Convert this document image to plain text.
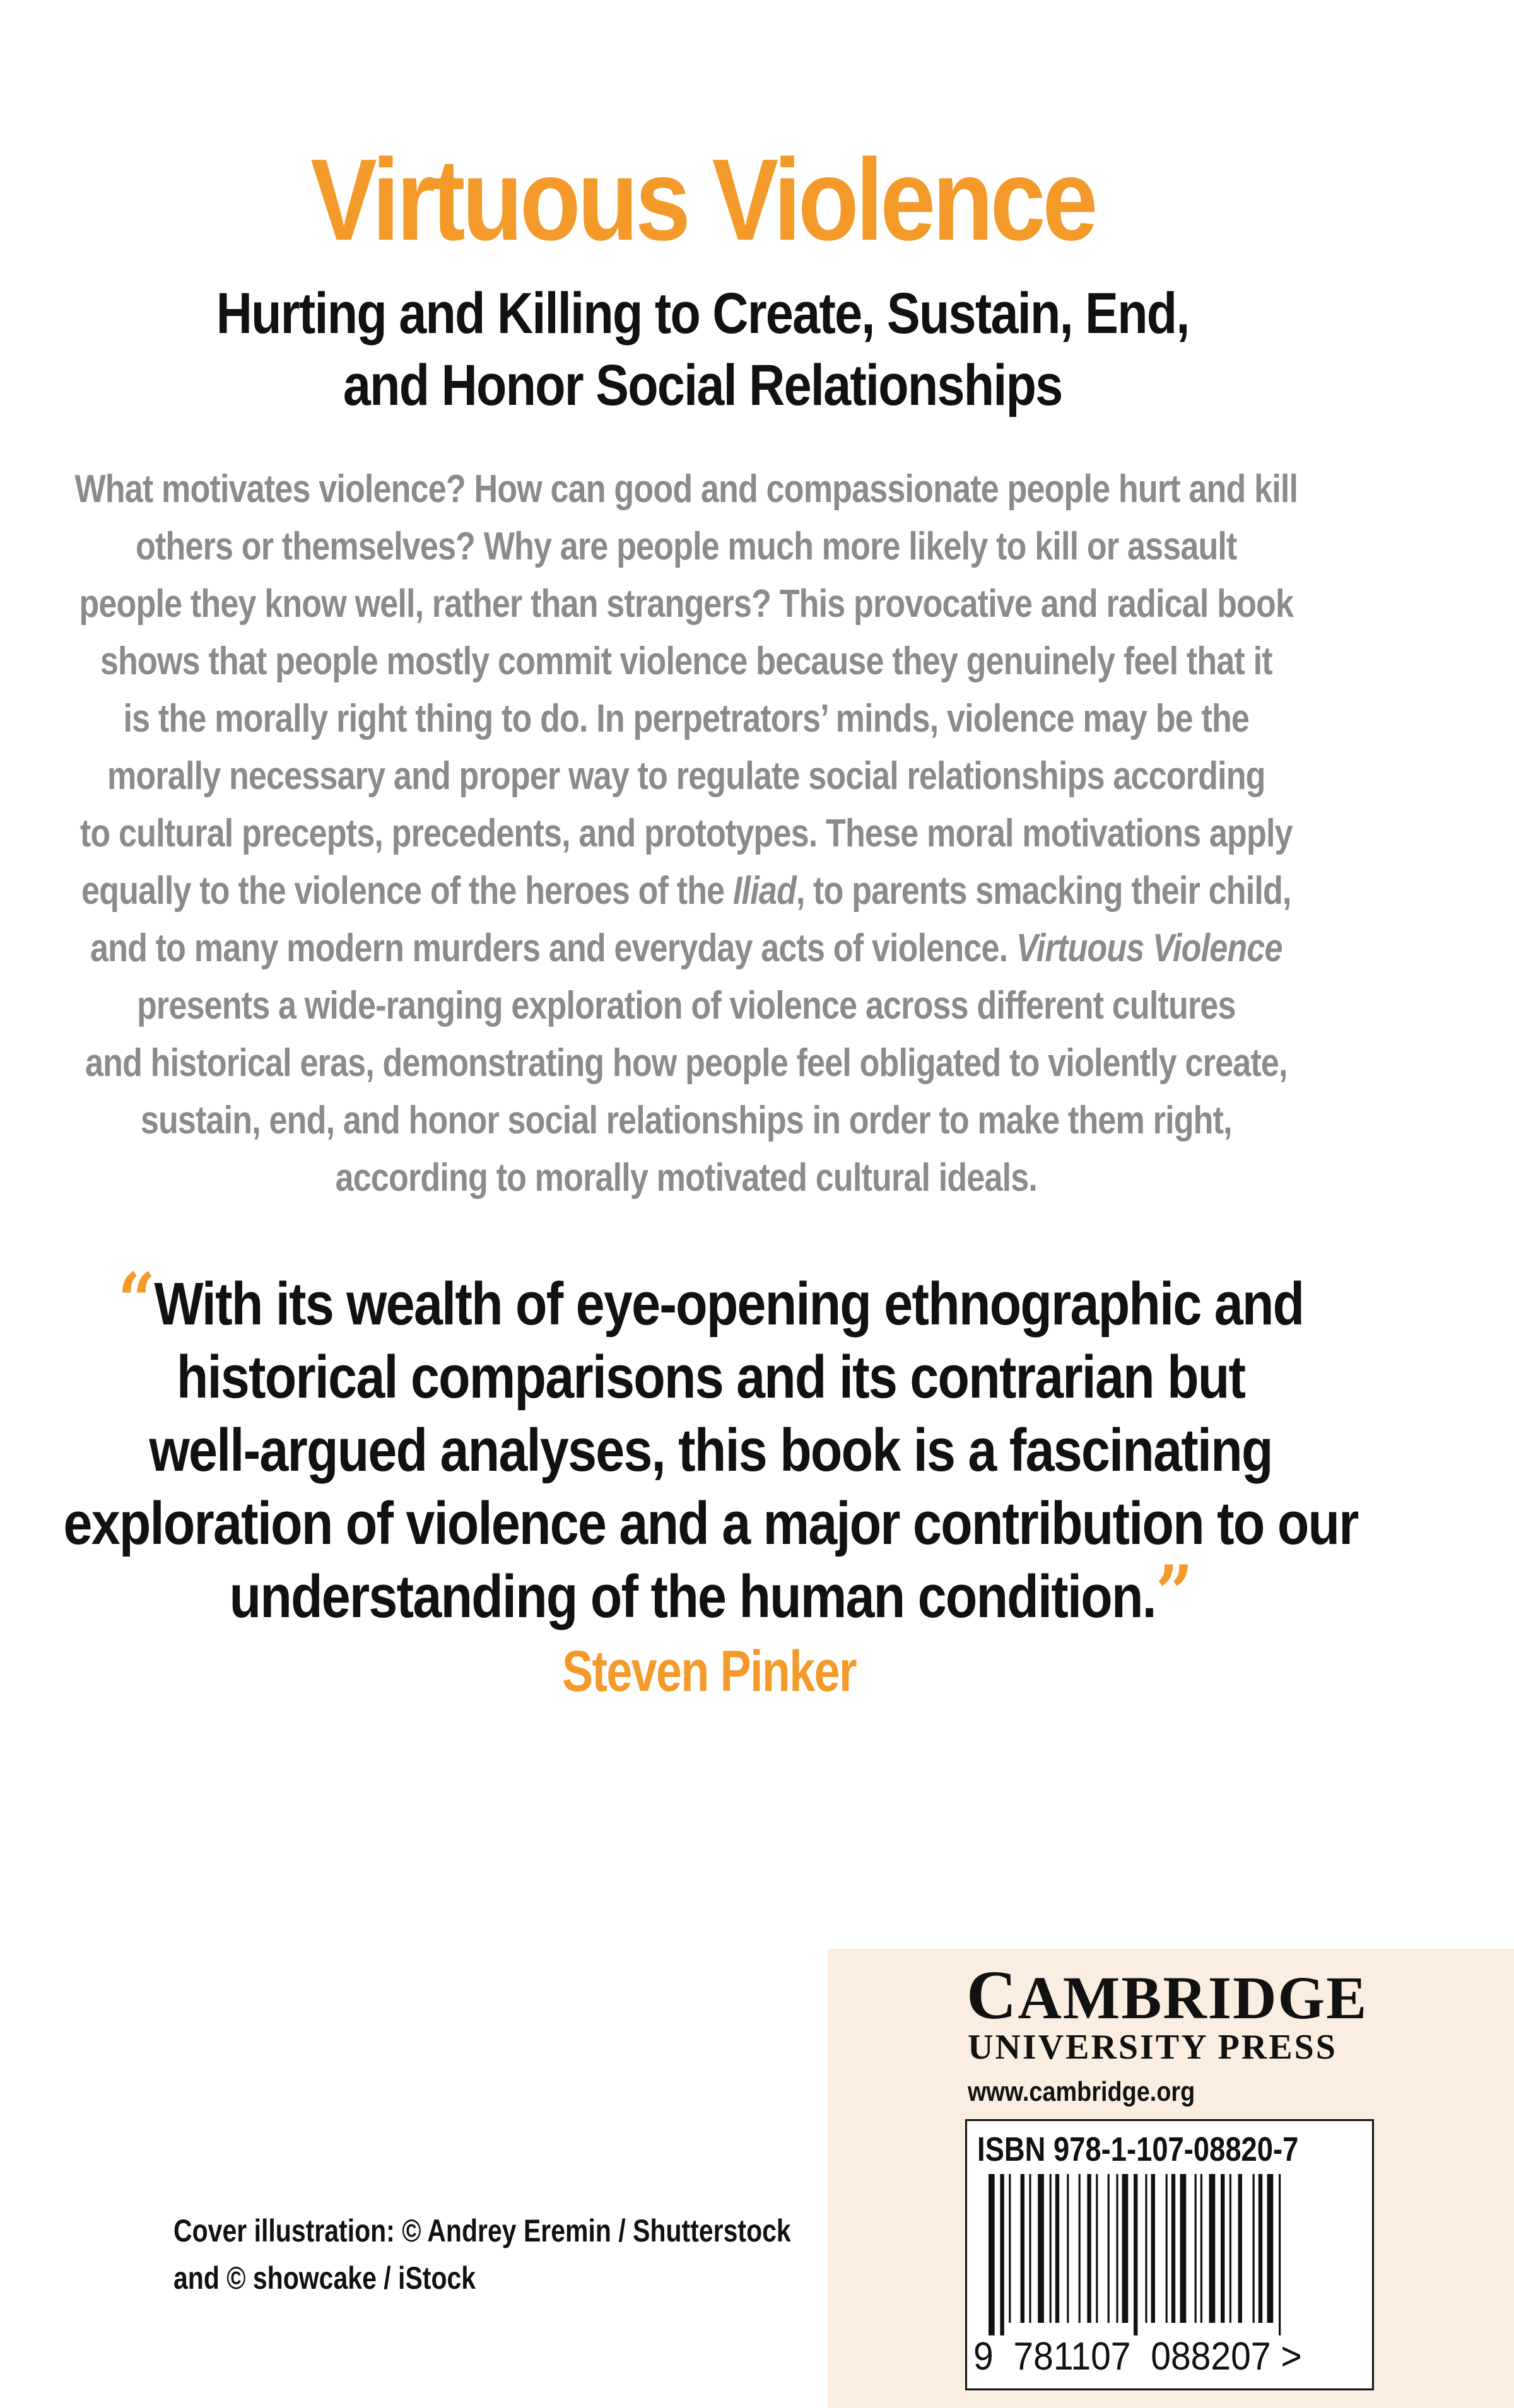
Virtuous Violence
Hurting and Killing to Create, Sustain, End,
and Honor Social Relationships
What motivates violence? How can good and compassionate people hurt and kill
others or themselves? Why are people much more likely to kill or assault
people they know well, rather than strangers? This provocative and radical book
shows that people mostly commit violence because they genuinely feel that it
is the morally right thing to do. In perpetrators’ minds, violence may be the
morally necessary and proper way to regulate social relationships according
to cultural precepts, precedents, and prototypes. These moral motivations apply
equally to the violence of the heroes of the Iliad, to parents smacking their child,
and to many modern murders and everyday acts of violence. Virtuous Violence
presents a wide-ranging exploration of violence across different cultures
and historical eras, demonstrating how people feel obligated to violently create,
sustain, end, and honor social relationships in order to make them right,
according to morally motivated cultural ideals.
“With its wealth of eye-opening ethnographic and
historical comparisons and its contrarian but
well-argued analyses, this book is a fascinating
exploration of violence and a major contribution to our
understanding of the human condition.”
Steven Pinker
Cover illustration: © Andrey Eremin / Shutterstock
and © showcake / iStock
CAMBRIDGE
UNIVERSITY PRESS
www.cambridge.org
ISBN 978-1-107-08820-7
9 781107 088207 >
